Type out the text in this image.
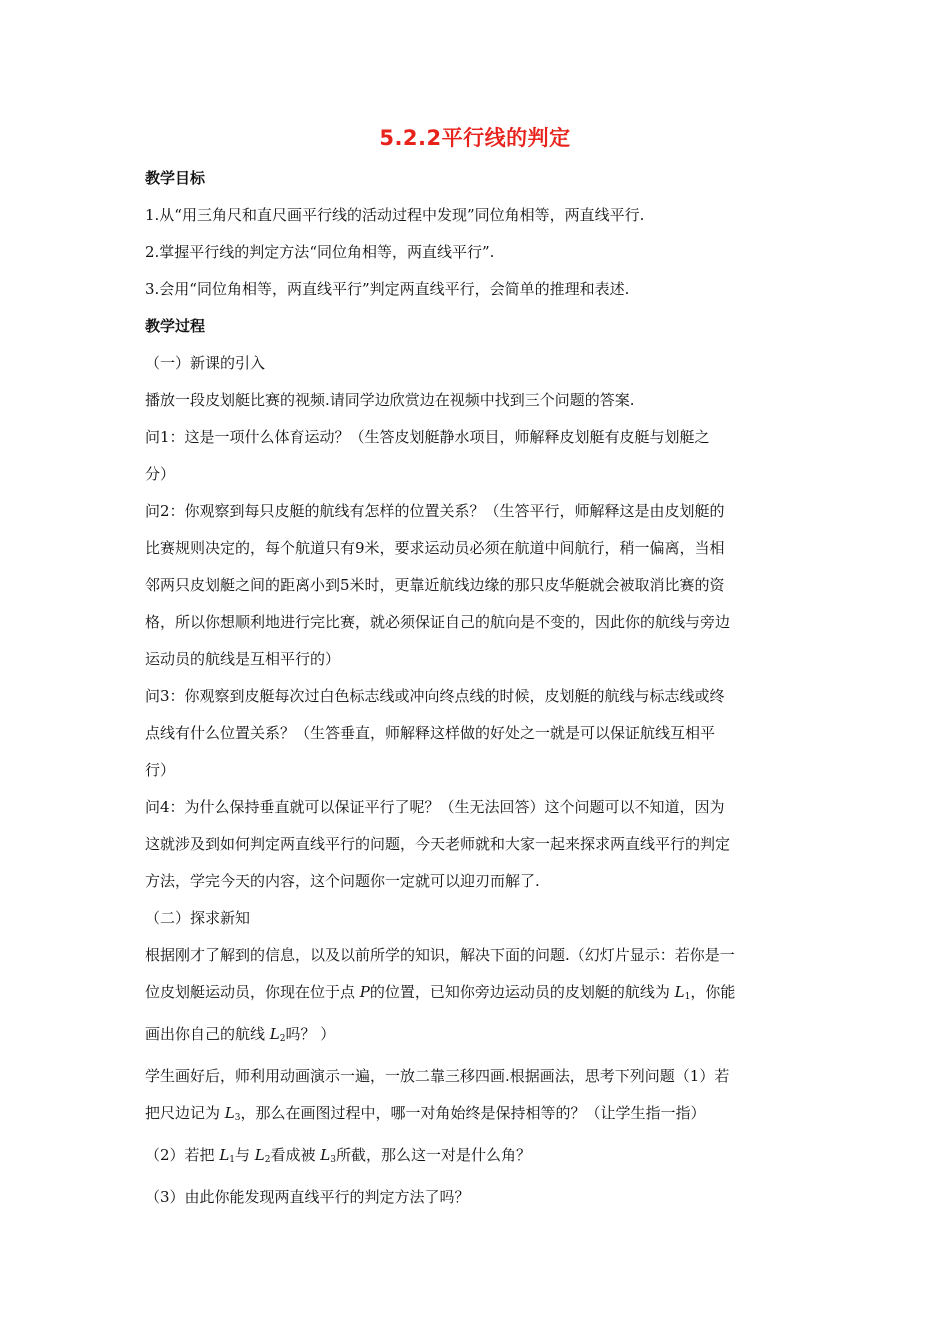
5.2.2平行线的判定
教学目标
1.从“用三角尺和直尺画平行线的活动过程中发现”同位角相等，两直线平行.
2.掌握平行线的判定方法“同位角相等，两直线平行”.
3.会用“同位角相等，两直线平行”判定两直线平行，会简单的推理和表述.
教学过程
（一）新课的引入
播放一段皮划艇比赛的视频.请同学边欣赏边在视频中找到三个问题的答案.
问1：这是一项什么体育运动？（生答皮划艇静水项目，师解释皮划艇有皮艇与划艇之
分）
问2：你观察到每只皮艇的航线有怎样的位置关系？（生答平行，师解释这是由皮划艇的
比赛规则决定的，每个航道只有9米，要求运动员必须在航道中间航行，稍一偏离，当相
邻两只皮划艇之间的距离小到5米时，更靠近航线边缘的那只皮华艇就会被取消比赛的资
格，所以你想顺利地进行完比赛，就必须保证自己的航向是不变的，因此你的航线与旁边
运动员的航线是互相平行的）
问3：你观察到皮艇每次过白色标志线或冲向终点线的时候，皮划艇的航线与标志线或终
点线有什么位置关系？（生答垂直，师解释这样做的好处之一就是可以保证航线互相平
行）
问4：为什么保持垂直就可以保证平行了呢？（生无法回答）这个问题可以不知道，因为
这就涉及到如何判定两直线平行的问题，今天老师就和大家一起来探求两直线平行的判定
方法，学完今天的内容，这个问题你一定就可以迎刃而解了.
（二）探求新知
根据刚才了解到的信息，以及以前所学的知识，解决下面的问题.（幻灯片显示：若你是一
位皮划艇运动员，你现在位于点 P的位置，已知你旁边运动员的皮划艇的航线为 $L_1$，你能
画出你自己的航线 $L_2$吗？ ）
学生画好后，师利用动画演示一遍，一放二靠三移四画.根据画法，思考下列问题（1）若
把尺边记为 $L_3$，那么在画图过程中，哪一对角始终是保持相等的？（让学生指一指）
（2）若把 $L_1$与 $L_2$看成被 $L_3$所截，那么这一对是什么角？
（3）由此你能发现两直线平行的判定方法了吗？
